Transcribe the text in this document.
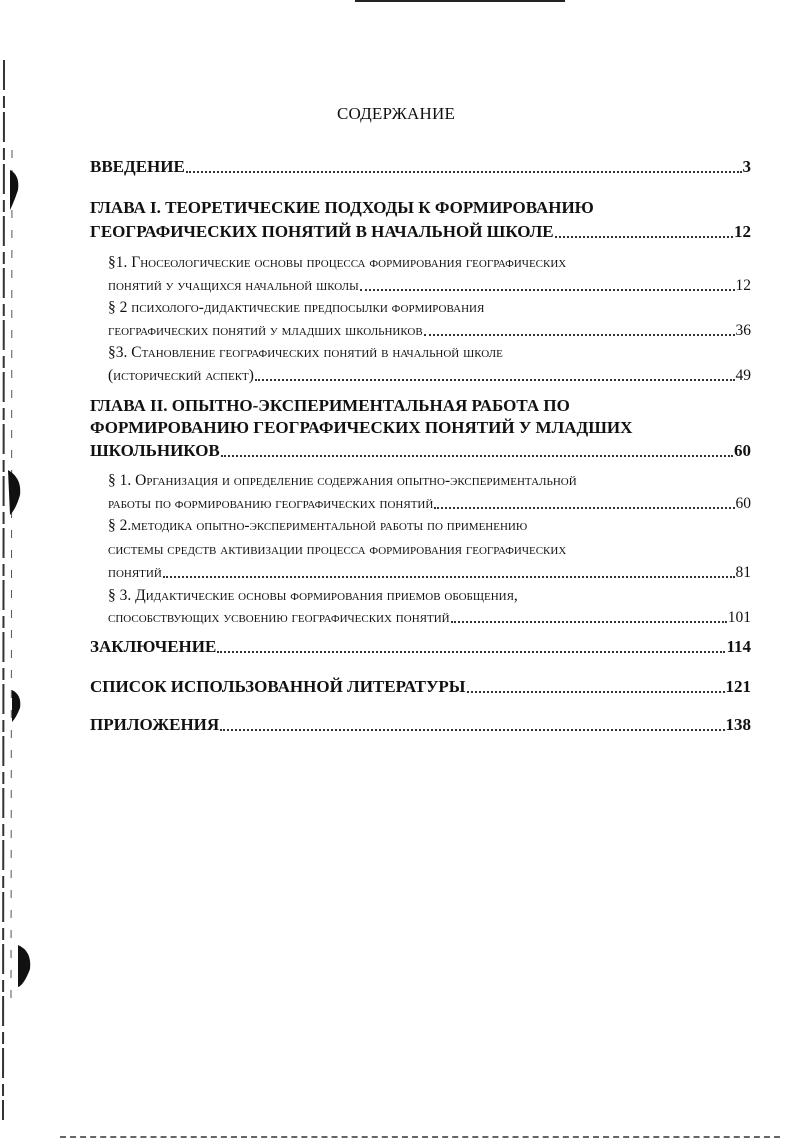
СОДЕРЖАНИЕ
ВВЕДЕНИЕ	3
ГЛАВА I. ТЕОРЕТИЧЕСКИЕ ПОДХОДЫ К ФОРМИРОВАНИЮ
ГЕОГРАФИЧЕСКИХ ПОНЯТИЙ В НАЧАЛЬНОЙ ШКОЛЕ	12
§1. Гносеологические основы процесса формирования географических
понятий у учащихся начальной школы	12
§ 2 психолого-дидактические предпосылки формирования
географических понятий у младших школьников	36
§3. Становление географических понятий в начальной школе
(исторический аспект)	49
ГЛАВА II. ОПЫТНО-ЭКСПЕРИМЕНТАЛЬНАЯ РАБОТА ПО
ФОРМИРОВАНИЮ ГЕОГРАФИЧЕСКИХ ПОНЯТИЙ У МЛАДШИХ
ШКОЛЬНИКОВ	60
§ 1. Организация и определение содержания опытно-экспериментальной
работы по формированию географических понятий	60
§ 2.методика опытно-экспериментальной работы по применению
системы средств активизации процесса формирования географических
понятий	81
§ 3. Дидактические основы формирования приемов обобщения,
способствующих усвоению географических понятий	101
ЗАКЛЮЧЕНИЕ	114
СПИСОК ИСПОЛЬЗОВАННОЙ ЛИТЕРАТУРЫ	121
ПРИЛОЖЕНИЯ	138
